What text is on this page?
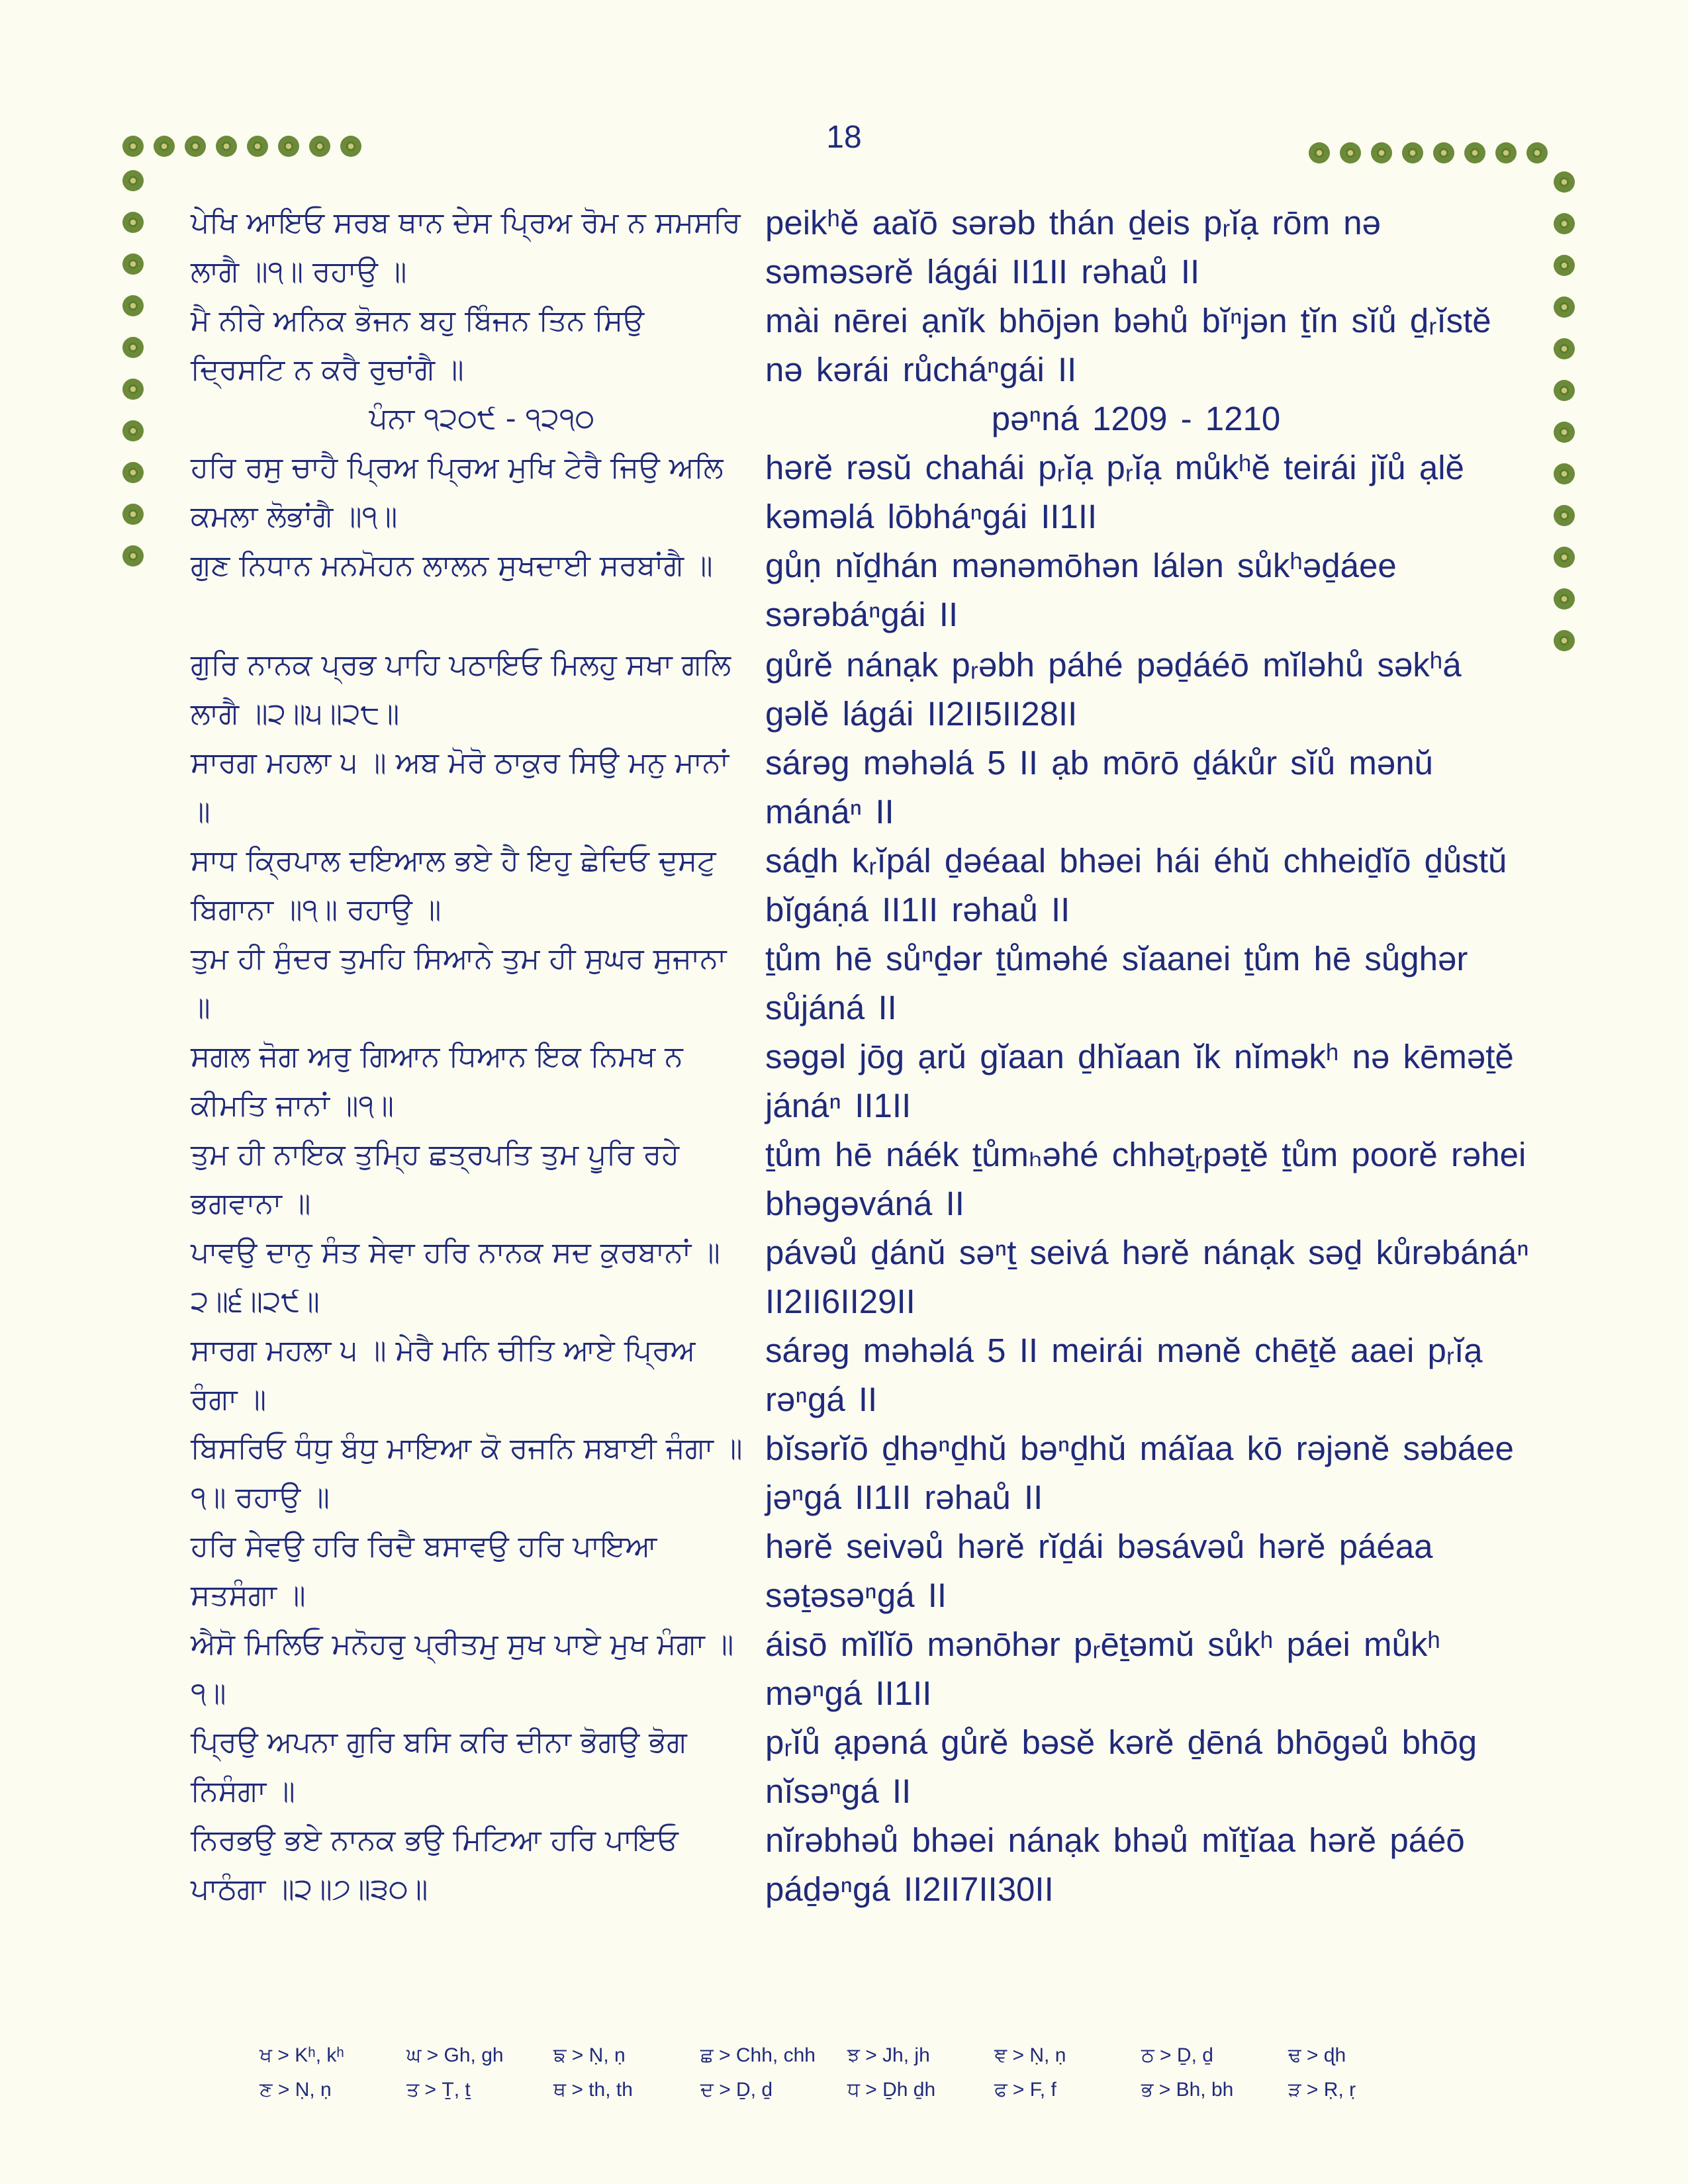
18
ਪੇਖਿ ਆਇਓ ਸਰਬ ਥਾਨ ਦੇਸ ਪ੍ਰਿਅ ਰੋਮ ਨ ਸਮਸਰਿ ਲਾਗੈ ॥੧॥ ਰਹਾਉ ॥
peikʰĕ aaĭō sərəb thán ḏeis pᵣĭạ rōm nə səməsərĕ lágái II1II rəhaů II
ਮੈ ਨੀਰੇ ਅਨਿਕ ਭੋਜਨ ਬਹੁ ਬਿੰਜਨ ਤਿਨ ਸਿਉ ਦ੍ਰਿਸਟਿ ਨ ਕਰੈ ਰੁਚਾਂਗੈ ॥
mài nērei ạnĭk bhōjən bəhů bĭⁿjən ṯĭn sĭů ḏᵣĭstĕ nə kərái růcháⁿgái II
ਪੰਨਾ ੧੨੦੯ - ੧੨੧੦	pəⁿná 1209 - 1210
ਹਰਿ ਰਸੁ ਚਾਹੈ ਪ੍ਰਿਅ ਪ੍ਰਿਅ ਮੁਖਿ ਟੇਰੈ ਜਿਉ ਅਲਿ ਕਮਲਾ ਲੋਭਾਂਗੈ ॥੧॥
hərĕ rəsŭ chahái pᵣĭạ pᵣĭạ můkʰĕ teirái jĭů ạlĕ kəməlá lōbháⁿgái II1II
ਗੁਣ ਨਿਧਾਨ ਮਨਮੋਹਨ ਲਾਲਨ ਸੁਖਦਾਈ ਸਰਬਾਂਗੈ ॥	gůṇ nĭḏhán mənəmōhən lálən sůkʰəḏáee sərəbáⁿgái II
ਗੁਰਿ ਨਾਨਕ ਪ੍ਰਭ ਪਾਹਿ ਪਠਾਇਓ ਮਿਲਹੁ ਸਖਾ ਗਲਿ ਲਾਗੈ ॥੨॥੫॥੨੮॥
gůrĕ nánạk pᵣəbh páhé pəḏáéō mĭləhů səkʰá gəlĕ lágái II2II5II28II
ਸਾਰਗ ਮਹਲਾ ੫ ॥ ਅਬ ਮੋਰੋ ਠਾਕੁਰ ਸਿਉ ਮਨੁ ਮਾਨਾਂ ॥
sárəg məhəlá 5 II ạb mōrō ḏákůr sĭů mənŭ mánáⁿ II
ਸਾਧ ਕ੍ਰਿਪਾਲ ਦਇਆਲ ਭਏ ਹੈ ਇਹੁ ਛੇਦਿਓ ਦੁਸਟੁ ਬਿਗਾਨਾ ॥੧॥ ਰਹਾਉ ॥
sáḏh kᵣĭpál ḏəéaal bhəei hái éhŭ chheiḏĭō ḏůstŭ bĭgáṇá II1II rəhaů II
ਤੁਮ ਹੀ ਸੁੰਦਰ ਤੁਮਹਿ ਸਿਆਨੇ ਤੁਮ ਹੀ ਸੁਘਰ ਸੁਜਾਨਾ ॥
ṯům hē sůⁿḏər ṯůməhé sĭaanei ṯům hē sůghər sůjáná II
ਸਗਲ ਜੋਗ ਅਰੁ ਗਿਆਨ ਧਿਆਨ ਇਕ ਨਿਮਖ ਨ ਕੀਮਤਿ ਜਾਨਾਂ ॥੧॥
səgəl jōg ạrŭ gĭaan ḏhĭaan ĭk nĭməkʰ nə kēməṯĕ jánáⁿ II1II
ਤੁਮ ਹੀ ਨਾਇਕ ਤੁਮ੍ਹਿ ਛਤ੍ਰਪਤਿ ਤੁਮ ਪੂਰਿ ਰਹੇ ਭਗਵਾਨਾ ॥
ṯům hē náék ṯůmₕəhé chhəṯᵣpəṯĕ ṯům poorĕ rəhei bhəgəváná II
ਪਾਵਉ ਦਾਨੁ ਸੰਤ ਸੇਵਾ ਹਰਿ ਨਾਨਕ ਸਦ ਕੁਰਬਾਨਾਂ ॥੨॥੬॥੨੯॥
pávəů ḏánŭ səⁿṯ seivá hərĕ nánạk səḏ kůrəbánáⁿ II2II6II29II
ਸਾਰਗ ਮਹਲਾ ੫ ॥ ਮੇਰੈ ਮਨਿ ਚੀਤਿ ਆਏ ਪ੍ਰਿਅ ਰੰਗਾ ॥
sárəg məhəlá 5 II meirái mənĕ chēṯĕ aaei pᵣĭạ rəⁿgá II
ਬਿਸਰਿਓ ਧੰਧੁ ਬੰਧੁ ਮਾਇਆ ਕੋ ਰਜਨਿ ਸਬਾਈ ਜੰਗਾ ॥੧॥ ਰਹਾਉ ॥
bĭsərĭō ḏhəⁿḏhŭ bəⁿḏhŭ máĭaa kō rəjənĕ səbáee jəⁿgá II1II rəhaů II
ਹਰਿ ਸੇਵਉ ਹਰਿ ਰਿਦੈ ਬਸਾਵਉ ਹਰਿ ਪਾਇਆ ਸਤਸੰਗਾ ॥
hərĕ seivəů hərĕ rĭḏái bəsávəů hərĕ páéaa səṯəsəⁿgá II
ਐਸੋ ਮਿਲਿਓ ਮਨੋਹਰੁ ਪ੍ਰੀਤਮੁ ਸੁਖ ਪਾਏ ਮੁਖ ਮੰਗਾ ॥੧॥
áisō mĭlĭō mənōhər pᵣēṯəmŭ sůkʰ páei můkʰ məⁿgá II1II
ਪ੍ਰਿਉ ਅਪਨਾ ਗੁਰਿ ਬਸਿ ਕਰਿ ਦੀਨਾ ਭੋਗਉ ਭੋਗ ਨਿਸੰਗਾ ॥
pᵣĭů ạpəná gůrĕ bəsĕ kərĕ ḏēná bhōgəů bhōg nĭsəⁿgá II
ਨਿਰਭਉ ਭਏ ਨਾਨਕ ਭਉ ਮਿਟਿਆ ਹਰਿ ਪਾਇਓ ਪਾਠੰਗਾ ॥੨॥੭॥੩੦॥
nĭrəbhəů bhəei nánạk bhəů mĭṯĭaa hərĕ páéō páḏəⁿgá II2II7II30II
ਖ > Kʰ, kʰ	ਘ > Gh, gh	ਙ > Ṇ, ṇ	ਛ > Chh, chh	ਝ > Jh, jh	ਞ > Ṇ, ṇ	ਠ > Ḏ, ḏ	ਢ > ɖh
ਣ > Ṇ, ṇ	ਤ > Ṯ, ṯ	ਥ > th, th	ਦ > Ḏ, ḏ	ਧ > Ḏh ḏh	ਫ > F, f	ਭ > Bh, bh	ੜ > Ṛ, ṛ
